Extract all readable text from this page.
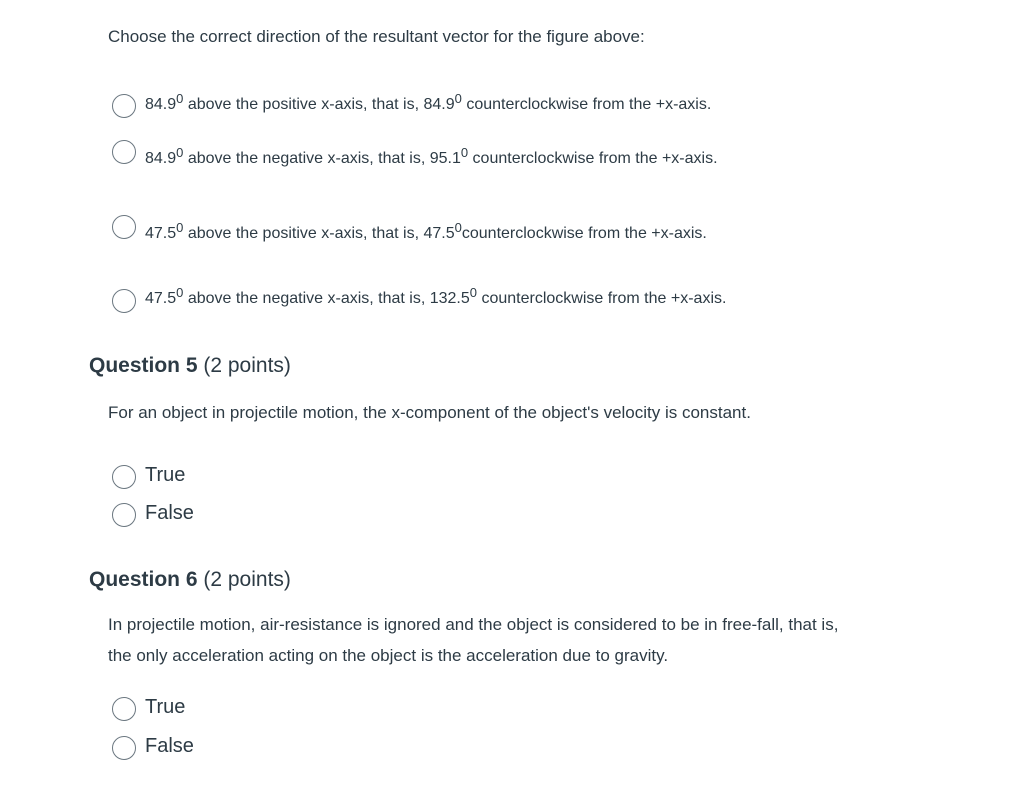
Choose the correct direction of the resultant vector for the figure above:
84.9$^0$ above the positive x-axis, that is, 84.9$^0$ counterclockwise from the +x-axis.
84.9$^0$ above the negative x-axis, that is, 95.1$^0$ counterclockwise from the +x-axis.
47.5$^0$ above the positive x-axis, that is, 47.5$^0$counterclockwise from the +x-axis.
47.5$^0$ above the negative x-axis, that is, 132.5$^0$ counterclockwise from the +x-axis.
Question 5 (2 points)
For an object in projectile motion, the x-component of the object's velocity is constant.
True
False
Question 6 (2 points)
In projectile motion, air-resistance is ignored and the object is considered to be in free-fall, that is,
the only acceleration acting on the object is the acceleration due to gravity.
True
False
